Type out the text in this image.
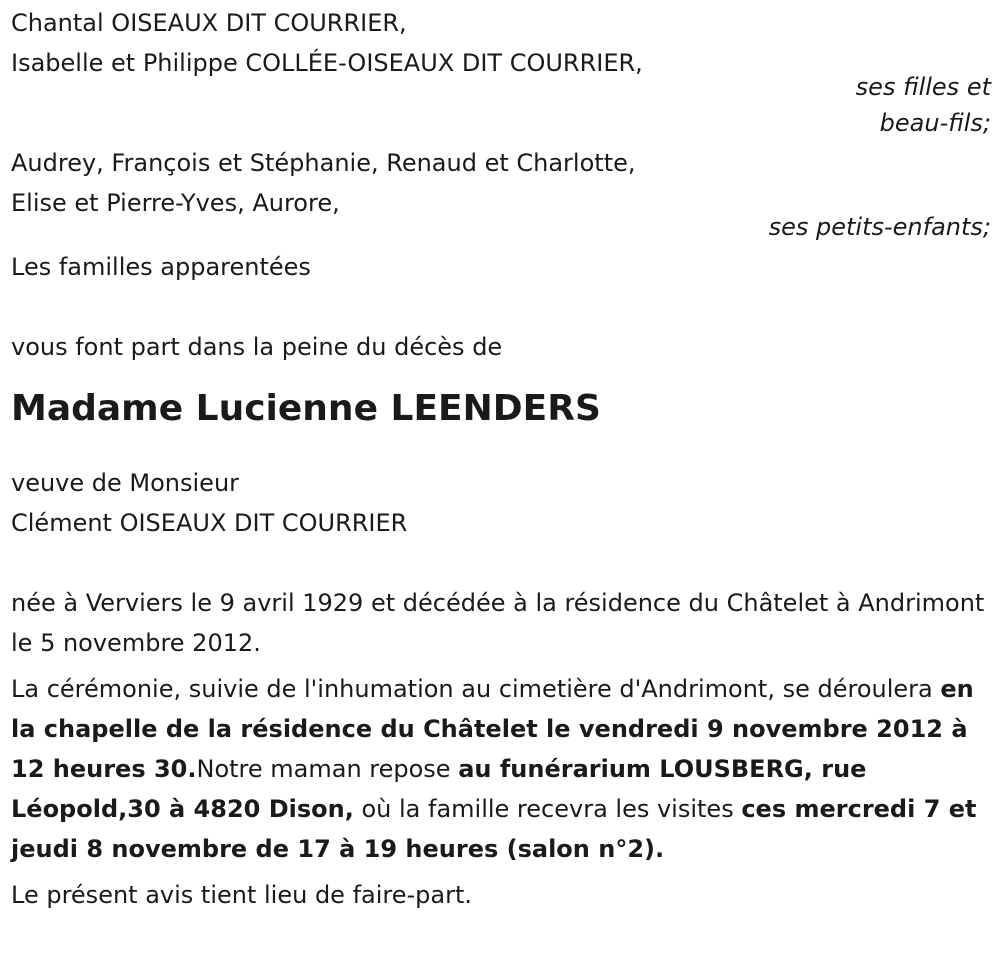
Chantal OISEAUX DIT COURRIER,
Isabelle et Philippe COLLÉE-OISEAUX DIT COURRIER,
ses filles et
beau-fils;
Audrey, François et Stéphanie, Renaud et Charlotte,
Elise et Pierre-Yves, Aurore,
ses petits-enfants;
Les familles apparentées
vous font part dans la peine du décès de
Madame Lucienne LEENDERS
veuve de Monsieur
Clément OISEAUX DIT COURRIER
née à Verviers le 9 avril 1929 et décédée à la résidence du Châtelet à Andrimont le 5 novembre 2012.
La cérémonie, suivie de l'inhumation au cimetière d'Andrimont, se déroulera en la chapelle de la résidence du Châtelet le vendredi 9 novembre 2012 à 12 heures 30.Notre maman repose au funérarium LOUSBERG, rue Léopold,30 à 4820 Dison, où la famille recevra les visites ces mercredi 7 et jeudi 8 novembre de 17 à 19 heures (salon n°2).
Le présent avis tient lieu de faire-part.
